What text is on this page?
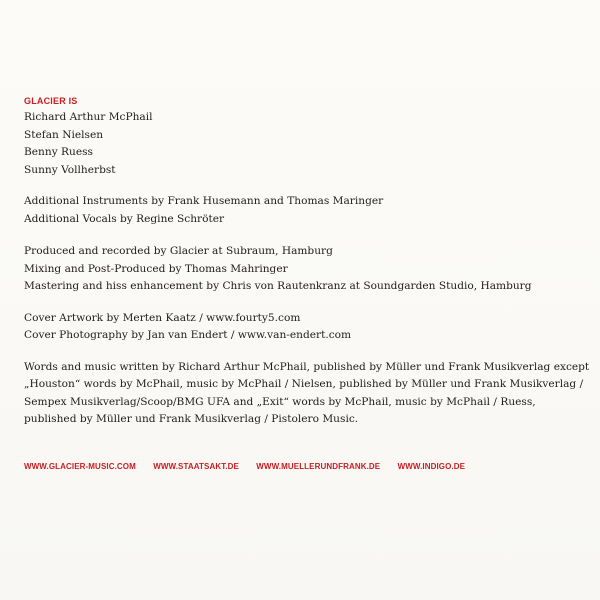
GLACIER IS
Richard Arthur McPhail
Stefan Nielsen
Benny Ruess
Sunny Vollherbst
Additional Instruments by Frank Husemann and Thomas Maringer
Additional Vocals by Regine Schröter
Produced and recorded by Glacier at Subraum, Hamburg
Mixing and Post-Produced by Thomas Mahringer
Mastering and hiss enhancement by Chris von Rautenkranz at Soundgarden Studio, Hamburg
Cover Artwork by Merten Kaatz / www.fourty5.com
Cover Photography by Jan van Endert / www.van-endert.com
Words and music written by Richard Arthur McPhail, published by Müller und Frank Musikverlag except
„Houston“ words by McPhail, music by McPhail / Nielsen, published by Müller und Frank Musikverlag /
Sempex Musikverlag/Scoop/BMG UFA and „Exit“ words by McPhail, music by McPhail / Ruess,
published by Müller und Frank Musikverlag / Pistolero Music.
WWW.GLACIER-MUSIC.COM WWW.STAATSAKT.DE WWW.MUELLERUNDFRANK.DE WWW.INDIGO.DE
